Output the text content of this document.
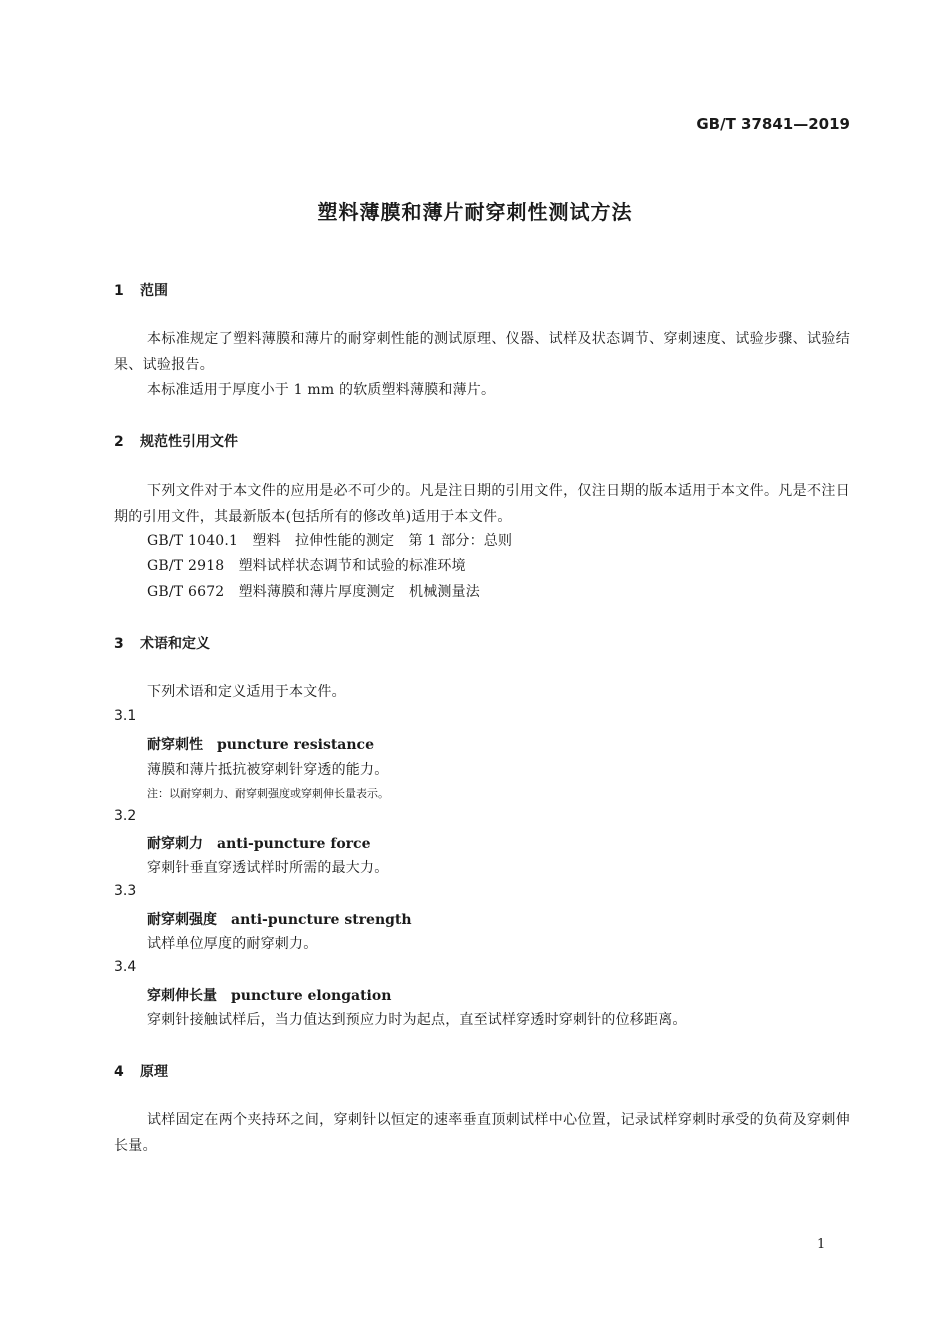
GB/T 37841—2019
塑料薄膜和薄片耐穿刺性测试方法
1 范围
本标准规定了塑料薄膜和薄片的耐穿刺性能的测试原理、仪器、试样及状态调节、穿刺速度、试验步骤、试验结果、试验报告。
本标准适用于厚度小于 1 mm 的软质塑料薄膜和薄片。
2 规范性引用文件
下列文件对于本文件的应用是必不可少的。凡是注日期的引用文件，仅注日期的版本适用于本文件。凡是不注日期的引用文件，其最新版本(包括所有的修改单)适用于本文件。
GB/T 1040.1　塑料　拉伸性能的测定　第 1 部分：总则
GB/T 2918　塑料试样状态调节和试验的标准环境
GB/T 6672　塑料薄膜和薄片厚度测定　机械测量法
3 术语和定义
下列术语和定义适用于本文件。
3.1
耐穿刺性 puncture resistance
薄膜和薄片抵抗被穿刺针穿透的能力。
注：以耐穿刺力、耐穿刺强度或穿刺伸长量表示。
3.2
耐穿刺力 anti-puncture force
穿刺针垂直穿透试样时所需的最大力。
3.3
耐穿刺强度 anti-puncture strength
试样单位厚度的耐穿刺力。
3.4
穿刺伸长量 puncture elongation
穿刺针接触试样后，当力值达到预应力时为起点，直至试样穿透时穿刺针的位移距离。
4 原理
试样固定在两个夹持环之间，穿刺针以恒定的速率垂直顶刺试样中心位置，记录试样穿刺时承受的负荷及穿刺伸长量。
1
